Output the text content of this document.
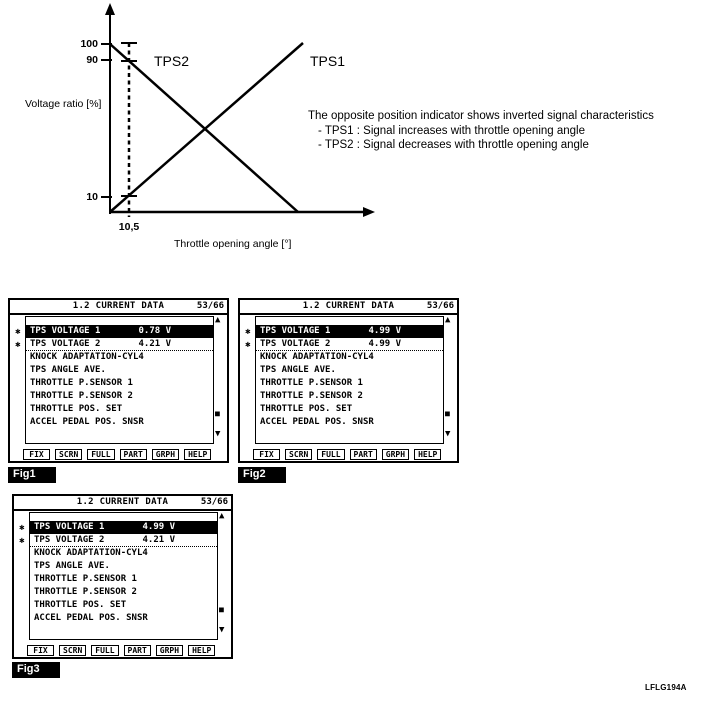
100
90
10
Voltage ratio [%]
10,5
Throttle opening angle [°]
TPS2	TPS1
The opposite position indicator shows inverted signal characteristics
- TPS1 : Signal increases with throttle opening angle
- TPS2 : Signal decreases with throttle opening angle
1.2 CURRENT DATA	53/66
✱
✱
TPS VOLTAGE 1	0.78 V
TPS VOLTAGE 2	4.21 V
KNOCK ADAPTATION-CYL4
TPS ANGLE AVE.
THROTTLE P.SENSOR 1
THROTTLE P.SENSOR 2
THROTTLE POS. SET
ACCEL PEDAL POS. SNSR
▲
■
▼
FIX	SCRN	FULL	PART	GRPH	HELP
Fig1
1.2 CURRENT DATA	53/66
✱
✱
TPS VOLTAGE 1	4.99 V
TPS VOLTAGE 2	4.99 V
KNOCK ADAPTATION-CYL4
TPS ANGLE AVE.
THROTTLE P.SENSOR 1
THROTTLE P.SENSOR 2
THROTTLE POS. SET
ACCEL PEDAL POS. SNSR
▲
■
▼
FIX	SCRN	FULL	PART	GRPH	HELP
Fig2
1.2 CURRENT DATA	53/66
✱
✱
TPS VOLTAGE 1	4.99 V
TPS VOLTAGE 2	4.21 V
KNOCK ADAPTATION-CYL4
TPS ANGLE AVE.
THROTTLE P.SENSOR 1
THROTTLE P.SENSOR 2
THROTTLE POS. SET
ACCEL PEDAL POS. SNSR
▲
■
▼
FIX	SCRN	FULL	PART	GRPH	HELP
Fig3
LFLG194A
